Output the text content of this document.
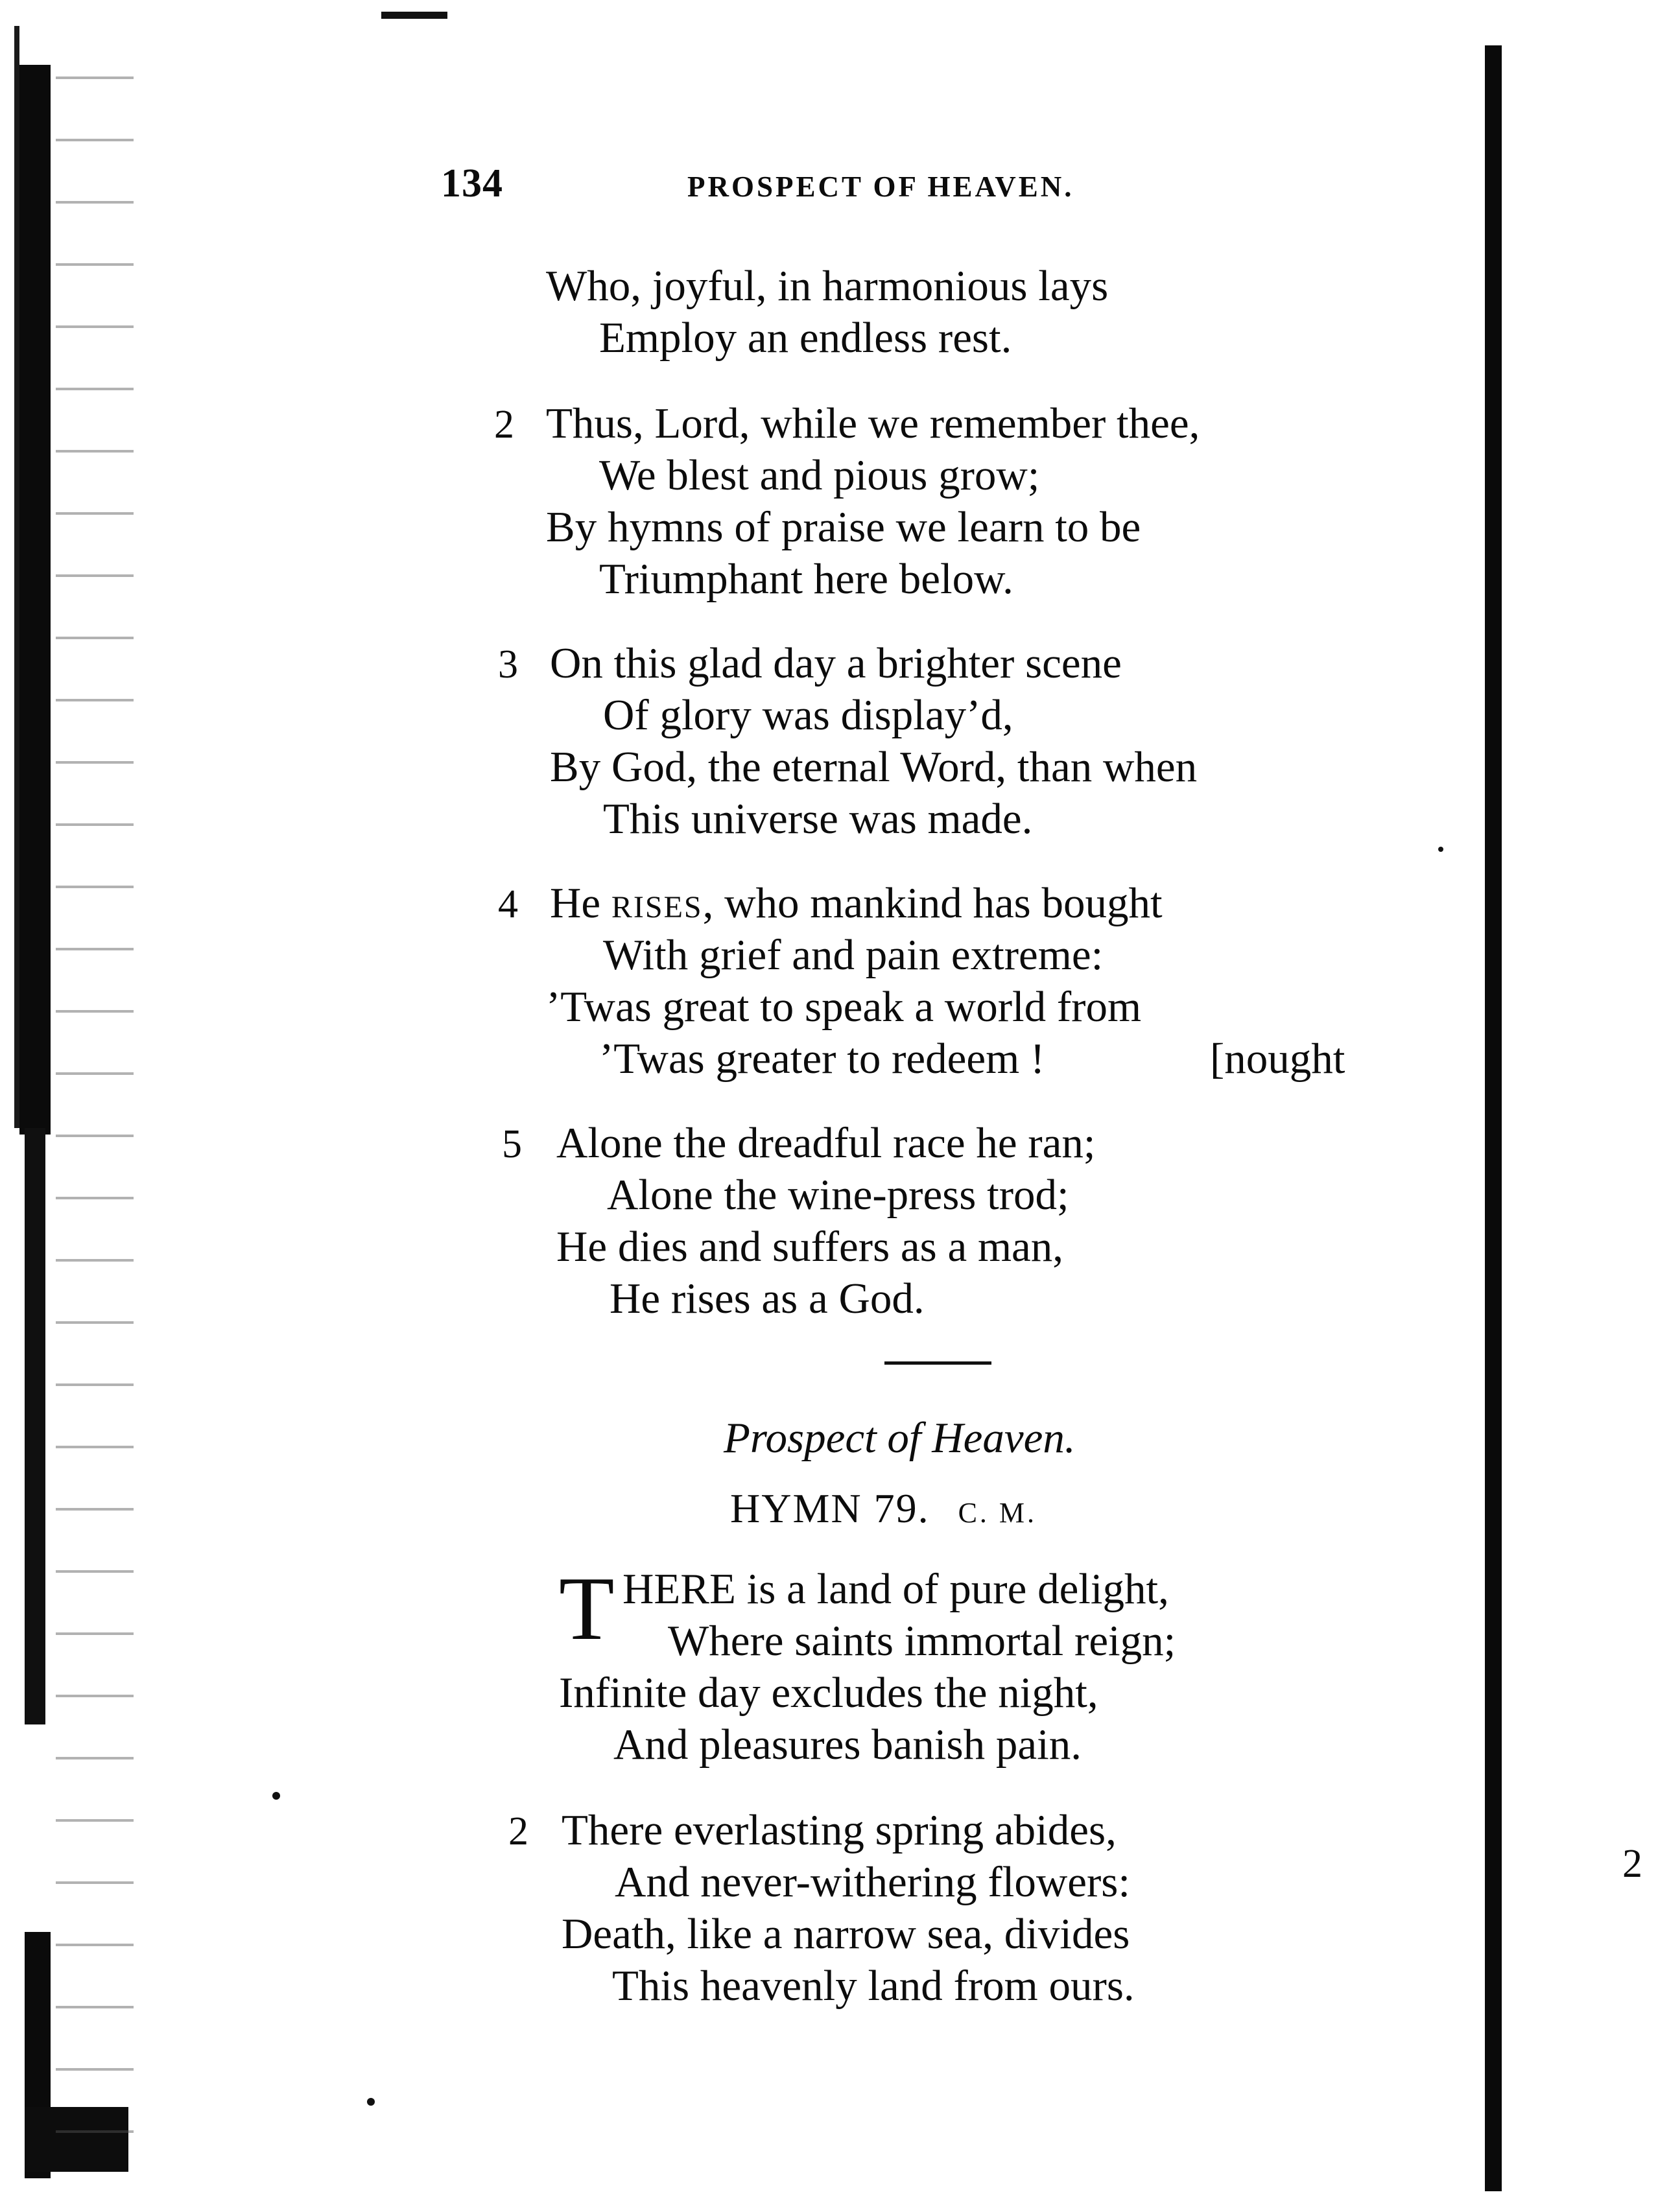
134	PROSPECT OF HEAVEN.
Who, joyful, in harmonious lays
Employ an endless rest.
2 Thus, Lord, while we remember thee,
We blest and pious grow;
By hymns of praise we learn to be
Triumphant here below.
3 On this glad day a brighter scene
Of glory was display’d,
By God, the eternal Word, than when
This universe was made.
4 He RISES, who mankind has bought
With grief and pain extreme:
’Twas great to speak a world from
’Twas greater to redeem !	[nought
5 Alone the dreadful race he ran;
Alone the wine-press trod;
He dies and suffers as a man,
He rises as a God.
Prospect of Heaven.
HYMN 79. C. M.
T HERE is a land of pure delight,
Where saints immortal reign;
Infinite day excludes the night,
And pleasures banish pain.
2 There everlasting spring abides,
And never-withering flowers:
Death, like a narrow sea, divides
This heavenly land from ours.
2
